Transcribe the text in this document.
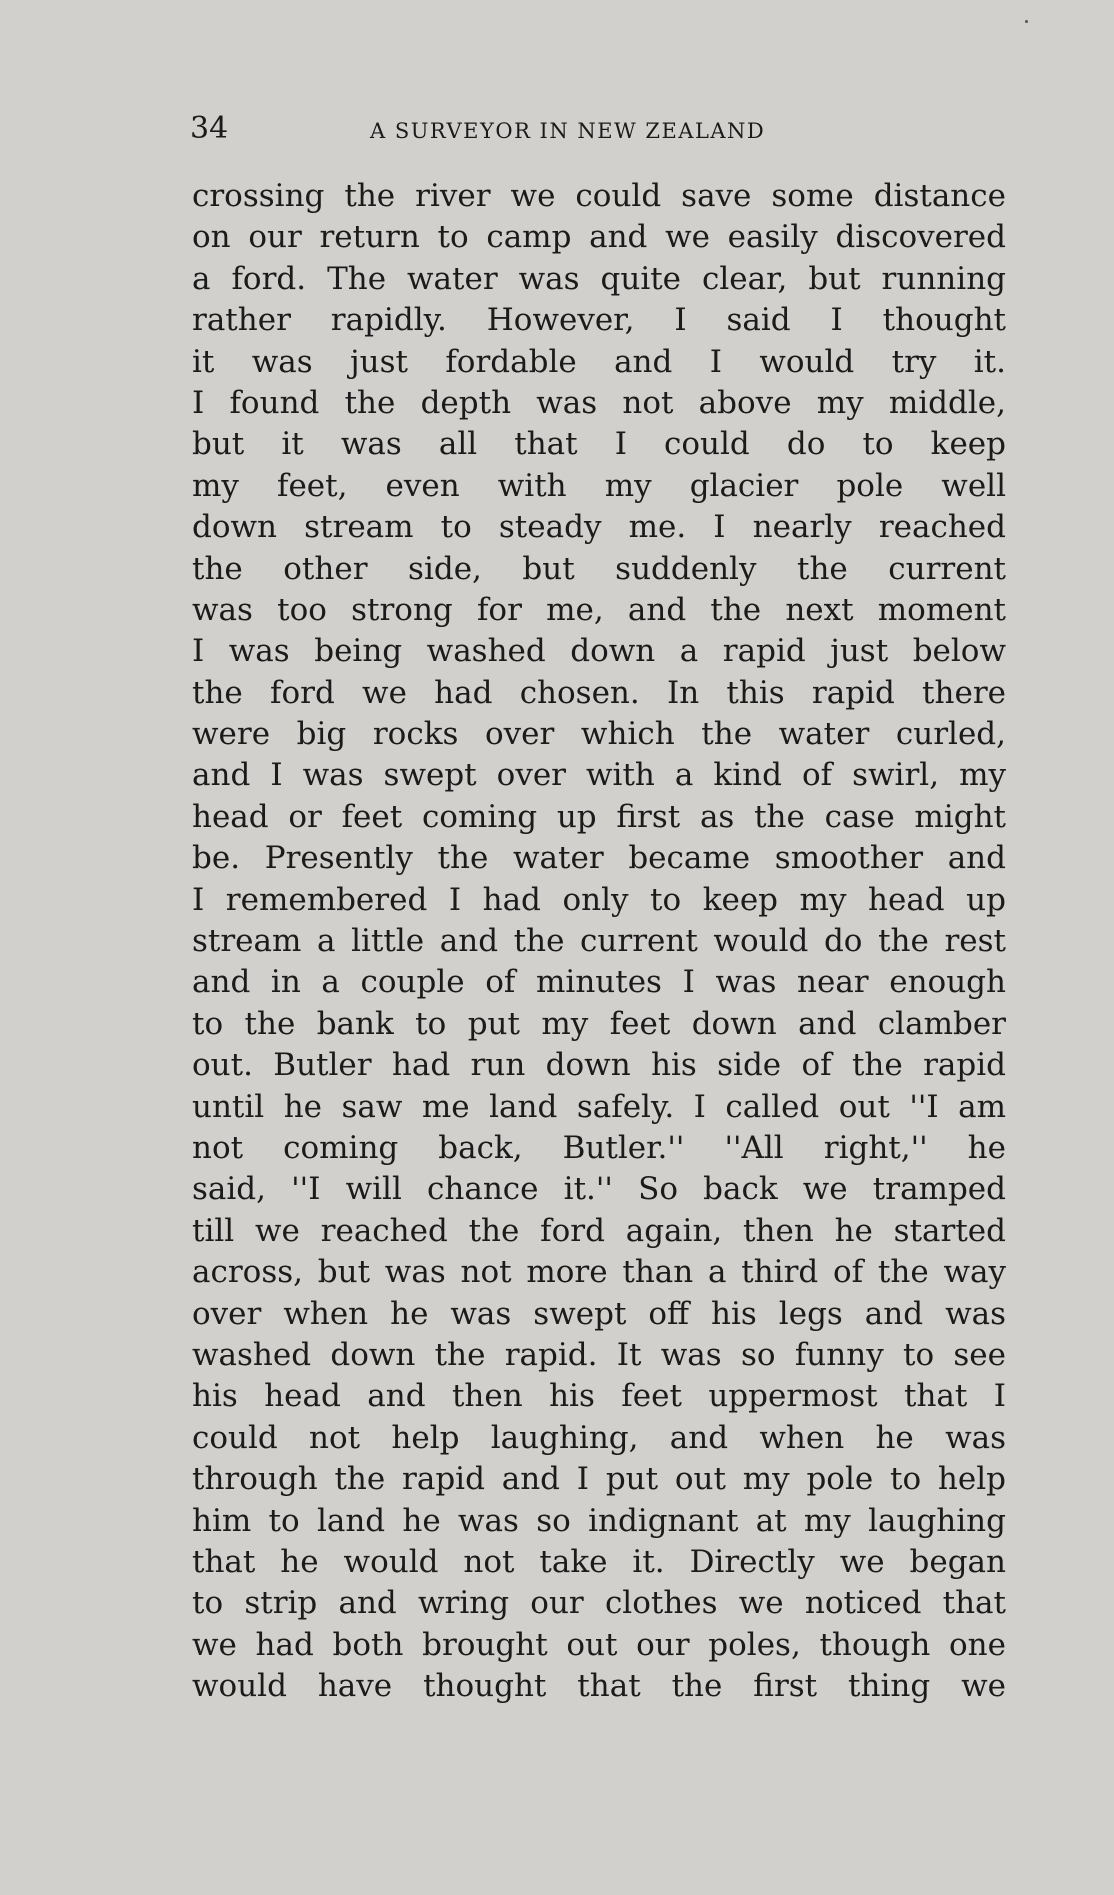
34	A SURVEYOR IN NEW ZEALAND
crossing the river we could save some distance
on our return to camp and we easily discovered
a ford. The water was quite clear, but running
rather rapidly. However, I said I thought
it was just fordable and I would try it.
I found the depth was not above my middle,
but it was all that I could do to keep
my feet, even with my glacier pole well
down stream to steady me. I nearly reached
the other side, but suddenly the current
was too strong for me, and the next moment
I was being washed down a rapid just below
the ford we had chosen. In this rapid there
were big rocks over which the water curled,
and I was swept over with a kind of swirl, my
head or feet coming up first as the case might
be. Presently the water became smoother and
I remembered I had only to keep my head up
stream a little and the current would do the rest
and in a couple of minutes I was near enough
to the bank to put my feet down and clamber
out. Butler had run down his side of the rapid
until he saw me land safely. I called out ''I am
not coming back, Butler.'' ''All right,'' he
said, ''I will chance it.'' So back we tramped
till we reached the ford again, then he started
across, but was not more than a third of the way
over when he was swept off his legs and was
washed down the rapid. It was so funny to see
his head and then his feet uppermost that I
could not help laughing, and when he was
through the rapid and I put out my pole to help
him to land he was so indignant at my laughing
that he would not take it. Directly we began
to strip and wring our clothes we noticed that
we had both brought out our poles, though one
would have thought that the first thing we
